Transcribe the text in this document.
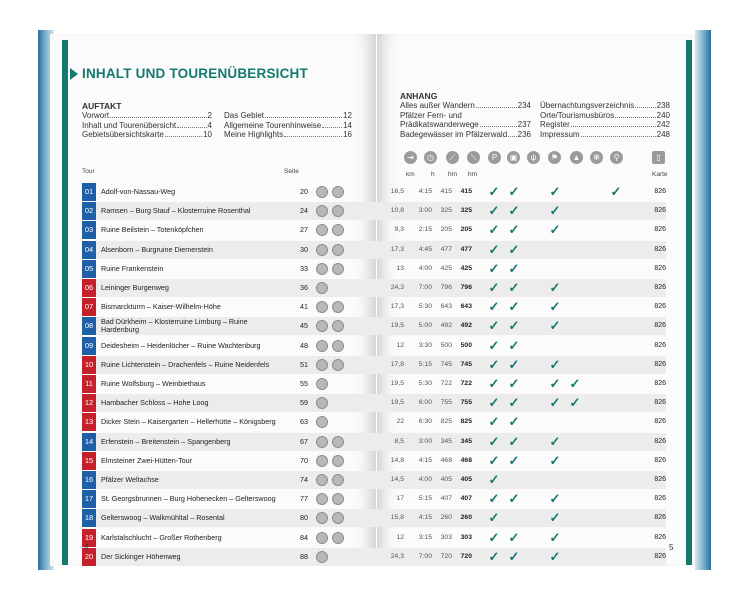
INHALT UND TOURENÜBERSICHT
AUFTAKT
Vorwort	2
Inhalt und Tourenübersicht	4
Gebietsübersichtskarte	10
Das Gebiet	12
Allgemeine Tourenhinweise	14
Meine Highlights	16
ANHANG
Alles außer Wandern	234
Pfälzer Fern- und
Prädikatswanderwege	237
Badegewässer im Pfälzerwald 236
Übernachtungsverzeichnis	238
Orte/Tourismusbüros	240
Register	242
Impressum	248
Tour	Seite	km	h hm hm	Karte
⇥	◷	⟋	⟍	P	▣	ψ	⚑	▲	✻	⚲	▯
01	Adolf-von-Nassau-Weg	20	16,5	4:15	415	415 ✓ ✓ ✓	✓	826
02	Ramsen – Burg Stauf – Klosterruine Rosenthal	24	10,8	3:00	325	325 ✓ ✓ ✓	826
03	Ruine Beilstein – Totenköpfchen	27	9,3	2:15	205	205 ✓ ✓ ✓	826
04	Alsenborn – Burgruine Diemerstein	30	17,3	4:45	477	477 ✓ ✓	826
05	Ruine Frankenstein	33	13	4:00	425	425 ✓ ✓	826
06	Leininger Burgenweg	36	24,3	7:00	796	796 ✓ ✓ ✓	826
07	Bismarckturm – Kaiser-Wilhelm-Höhe	41	17,3	5:30	643	643 ✓ ✓ ✓	826
08	Bad Dürkheim – Klosterruine Limburg – Ruine Hardenburg	45	19,5	5:00	492	492 ✓ ✓ ✓	826
09	Deidesheim – Heidenlöcher – Ruine Wachtenburg	48	12	3:30	500	500 ✓ ✓	826
10	Ruine Lichtenstein – Drachenfels – Ruine Neidenfels	51	17,8	5:15	745	745 ✓ ✓ ✓	826
11	Ruine Wolfsburg – Weinbiethaus	55	19,5	5:30	722	722 ✓ ✓ ✓ ✓	826
12	Hambacher Schloss – Hohe Loog	59	19,5	6:00	755	755 ✓ ✓ ✓ ✓	826
13	Dicker Stein – Kaisergarten – Hellerhütte – Königsberg	63	22	6:30	825	825 ✓ ✓	826
14	Erfenstein – Breitenstein – Spangenberg	67	8,5	3:00	345	345 ✓ ✓ ✓	826
15	Elmsteiner Zwei-Hütten-Tour	70	14,8	4:15	468	468 ✓ ✓ ✓	826
16	Pfälzer Weltachse	74	14,5	4:00	405	405 ✓	826
17	St. Georgsbrunnen – Burg Hohenecken – Gelterswoog	77	17	5:15	407	407 ✓ ✓ ✓	826
18	Gelterswoog – Walkmühltal – Rosental	80	15,8	4:15	260	260 ✓	✓	826
19	Karlstalschlucht – Großer Rothenberg	84	12	3:15	303	303 ✓ ✓ ✓	826
20	Der Sickinger Höhenweg	88	24,3	7:00	720	720 ✓ ✓ ✓	826
4	5
